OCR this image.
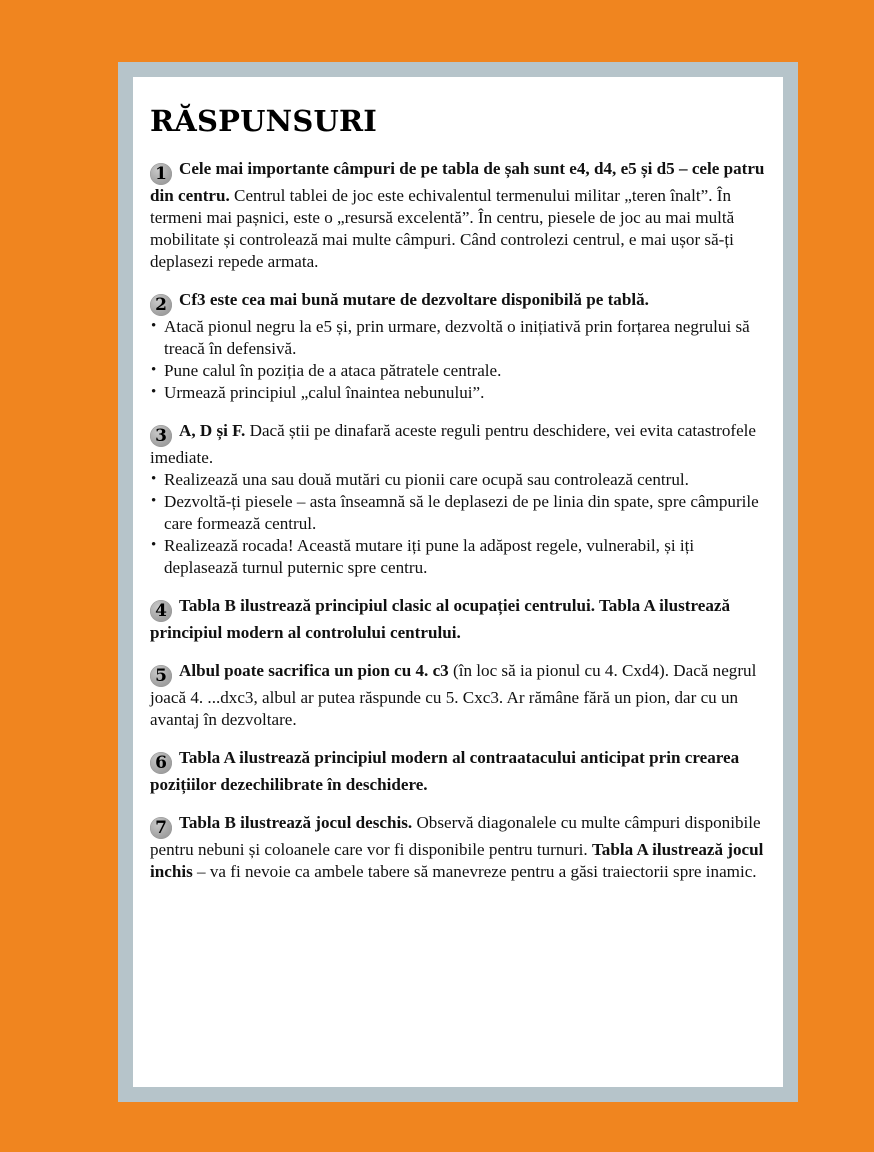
RĂSPUNSURI

1 Cele mai importante câmpuri de pe tabla de șah sunt e4, d4, e5 și d5 – cele patru din centru. Centrul tablei de joc este echivalentul termenului militar „teren înalt”. În termeni mai pașnici, este o „resursă excelentă”. În centru, piesele de joc au mai multă mobilitate și controlează mai multe câmpuri. Când controlezi centrul, e mai ușor să-ți deplasezi repede armata.

2 Cf3 este cea mai bună mutare de dezvoltare disponibilă pe tablă.

• Atacă pionul negru la e5 și, prin urmare, dezvoltă o inițiativă prin forțarea negrului să treacă în defensivă.
• Pune calul în poziția de a ataca pătratele centrale.
• Urmează principiul „calul înaintea nebunului”.

3 A, D și F. Dacă știi pe dinafară aceste reguli pentru deschidere, vei evita catastrofele imediate.

• Realizează una sau două mutări cu pionii care ocupă sau controlează centrul.
• Dezvoltă-ți piesele – asta înseamnă să le deplasezi de pe linia din spate, spre câmpurile care formează centrul.
• Realizează rocada! Această mutare iți pune la adăpost regele, vulnerabil, și iți deplasează turnul puternic spre centru.

4 Tabla B ilustrează principiul clasic al ocupației centrului. Tabla A ilustrează principiul modern al controlului centrului.

5 Albul poate sacrifica un pion cu 4. c3 (în loc să ia pionul cu 4. Cxd4). Dacă negrul joacă 4. ...dxc3, albul ar putea răspunde cu 5. Cxc3. Ar rămâne fără un pion, dar cu un avantaj în dezvoltare.

6 Tabla A ilustrează principiul modern al contraatacului anticipat prin crearea pozițiilor dezechilibrate în deschidere.

7 Tabla B ilustrează jocul deschis. Observă diagonalele cu multe câmpuri disponibile pentru nebuni și coloanele care vor fi disponibile pentru turnuri. Tabla A ilustrează jocul inchis – va fi nevoie ca ambele tabere să manevreze pentru a găsi traiectorii spre inamic.
